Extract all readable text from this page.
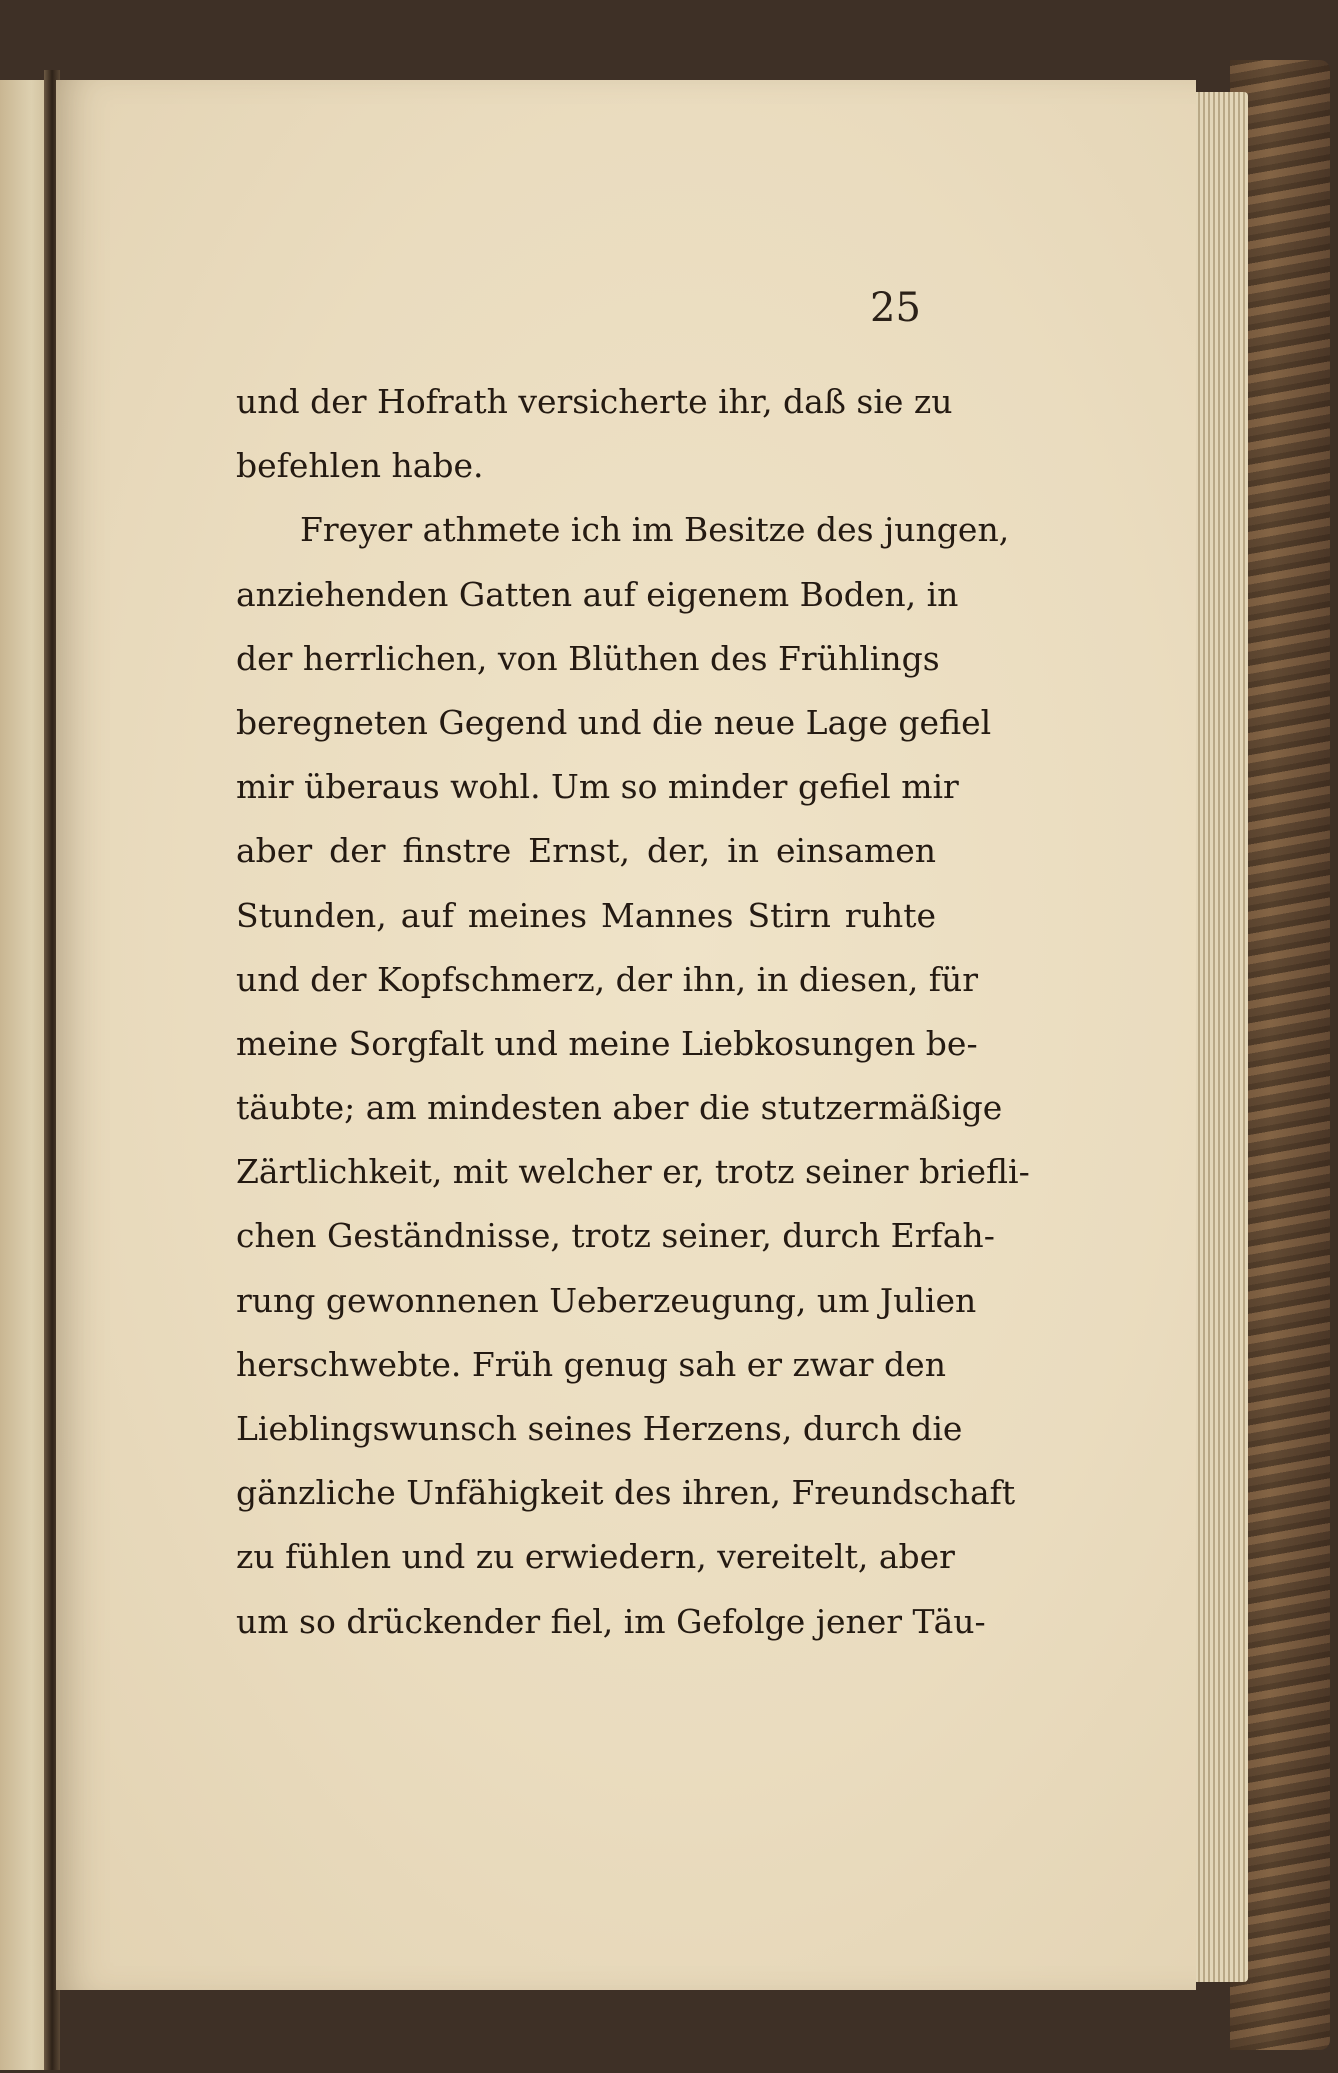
25
und der Hofrath versicherte ihr, daß sie zu
befehlen habe.
Freyer athmete ich im Besitze des jungen,
anziehenden Gatten auf eigenem Boden, in
der herrlichen, von Blüthen des Frühlings
beregneten Gegend und die neue Lage gefiel
mir überaus wohl. Um so minder gefiel mir
aber der finstre Ernst, der, in einsamen
Stunden, auf meines Mannes Stirn ruhte
und der Kopfschmerz, der ihn, in diesen, für
meine Sorgfalt und meine Liebkosungen be-
täubte; am mindesten aber die stutzermäßige
Zärtlichkeit, mit welcher er, trotz seiner briefli-
chen Geständnisse, trotz seiner, durch Erfah-
rung gewonnenen Ueberzeugung, um Julien
herschwebte. Früh genug sah er zwar den
Lieblingswunsch seines Herzens, durch die
gänzliche Unfähigkeit des ihren, Freundschaft
zu fühlen und zu erwiedern, vereitelt, aber
um so drückender fiel, im Gefolge jener Täu-
